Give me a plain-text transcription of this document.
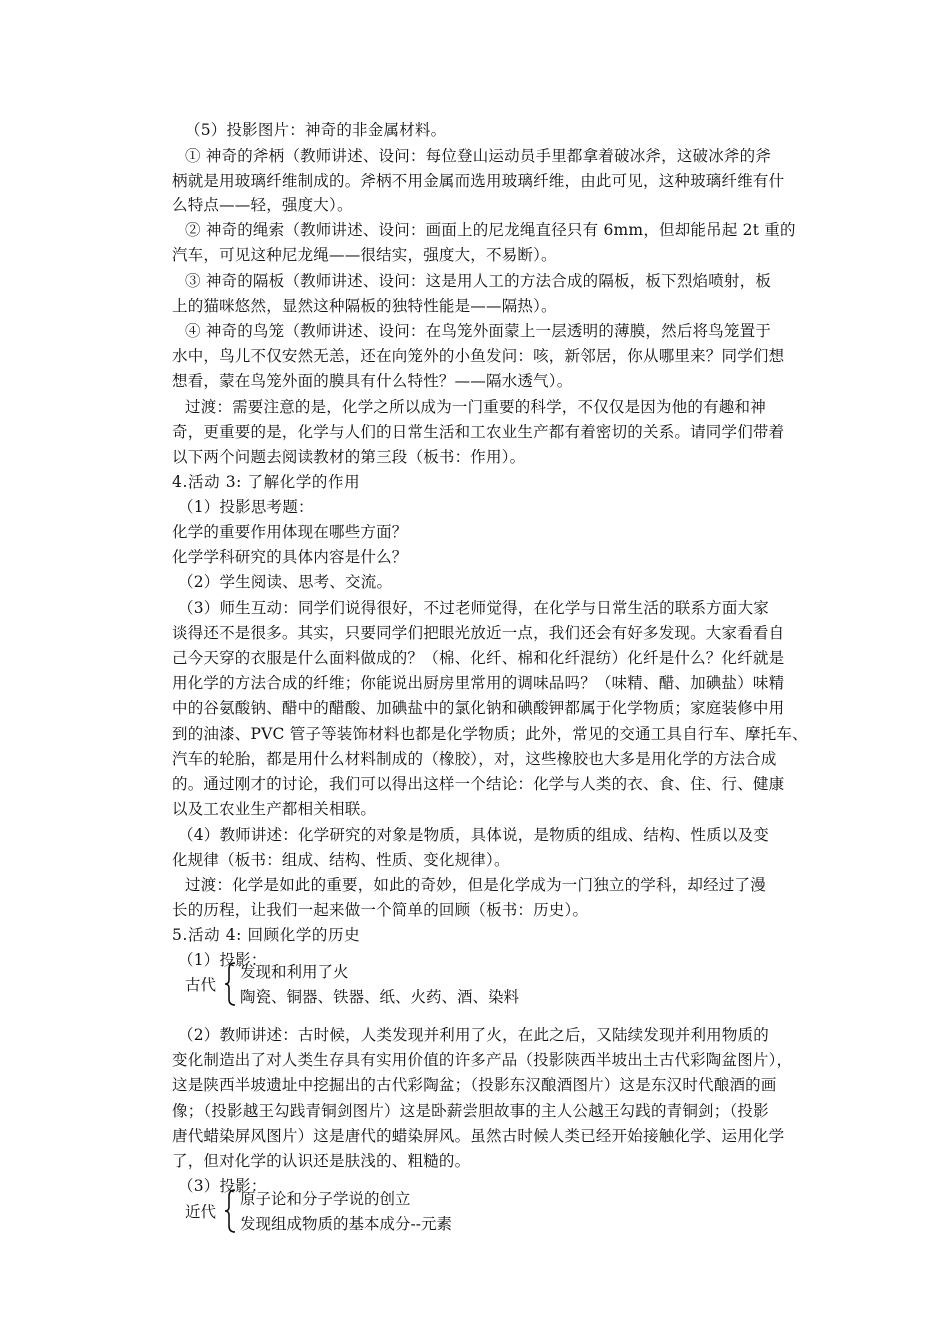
（5）投影图片：神奇的非金属材料。
① 神奇的斧柄（教师讲述、设问：每位登山运动员手里都拿着破冰斧，这破冰斧的斧
柄就是用玻璃纤维制成的。斧柄不用金属而选用玻璃纤维，由此可见，这种玻璃纤维有什
么特点——轻，强度大）。
② 神奇的绳索（教师讲述、设问：画面上的尼龙绳直径只有 6mm，但却能吊起 2t 重的
汽车，可见这种尼龙绳——很结实，强度大，不易断）。
③ 神奇的隔板（教师讲述、设问：这是用人工的方法合成的隔板，板下烈焰喷射，板
上的猫咪悠然，显然这种隔板的独特性能是——隔热）。
④ 神奇的鸟笼（教师讲述、设问：在鸟笼外面蒙上一层透明的薄膜，然后将鸟笼置于
水中，鸟儿不仅安然无恙，还在向笼外的小鱼发问：咳，新邻居，你从哪里来？同学们想
想看，蒙在鸟笼外面的膜具有什么特性？——隔水透气）。
过渡：需要注意的是，化学之所以成为一门重要的科学，不仅仅是因为他的有趣和神
奇，更重要的是，化学与人们的日常生活和工农业生产都有着密切的关系。请同学们带着
以下两个问题去阅读教材的第三段（板书：作用）。
4.活动 3: 了解化学的作用
（1）投影思考题：
化学的重要作用体现在哪些方面？
化学学科研究的具体内容是什么？
（2）学生阅读、思考、交流。
（3）师生互动：同学们说得很好，不过老师觉得，在化学与日常生活的联系方面大家
谈得还不是很多。其实，只要同学们把眼光放近一点，我们还会有好多发现。大家看看自
己今天穿的衣服是什么面料做成的？（棉、化纤、棉和化纤混纺）化纤是什么？化纤就是
用化学的方法合成的纤维；你能说出厨房里常用的调味品吗？（味精、醋、加碘盐）味精
中的谷氨酸钠、醋中的醋酸、加碘盐中的氯化钠和碘酸钾都属于化学物质；家庭装修中用
到的油漆、PVC 管子等装饰材料也都是化学物质；此外，常见的交通工具自行车、摩托车、
汽车的轮胎，都是用什么材料制成的（橡胶），对，这些橡胶也大多是用化学的方法合成
的。通过刚才的讨论，我们可以得出这样一个结论：化学与人类的衣、食、住、行、健康
以及工农业生产都相关相联。
（4）教师讲述：化学研究的对象是物质，具体说，是物质的组成、结构、性质以及变
化规律（板书：组成、结构、性质、变化规律）。
过渡：化学是如此的重要，如此的奇妙，但是化学成为一门独立的学科，却经过了漫
长的历程，让我们一起来做一个简单的回顾（板书：历史）。
5.活动 4: 回顾化学的历史
（1）投影：
（2）教师讲述：古时候，人类发现并利用了火，在此之后，又陆续发现并利用物质的
变化制造出了对人类生存具有实用价值的许多产品（投影陕西半坡出土古代彩陶盆图片），
这是陕西半坡遗址中挖掘出的古代彩陶盆；（投影东汉酿酒图片）这是东汉时代酿酒的画
像；（投影越王勾践青铜剑图片）这是卧薪尝胆故事的主人公越王勾践的青铜剑；（投影
唐代蜡染屏风图片）这是唐代的蜡染屏风。虽然古时候人类已经开始接触化学、运用化学
了，但对化学的认识还是肤浅的、粗糙的。
（3）投影：
古代
发现和利用了火
陶瓷、铜器、铁器、纸、火药、酒、染料
近代
原子论和分子学说的创立
发现组成物质的基本成分--元素
